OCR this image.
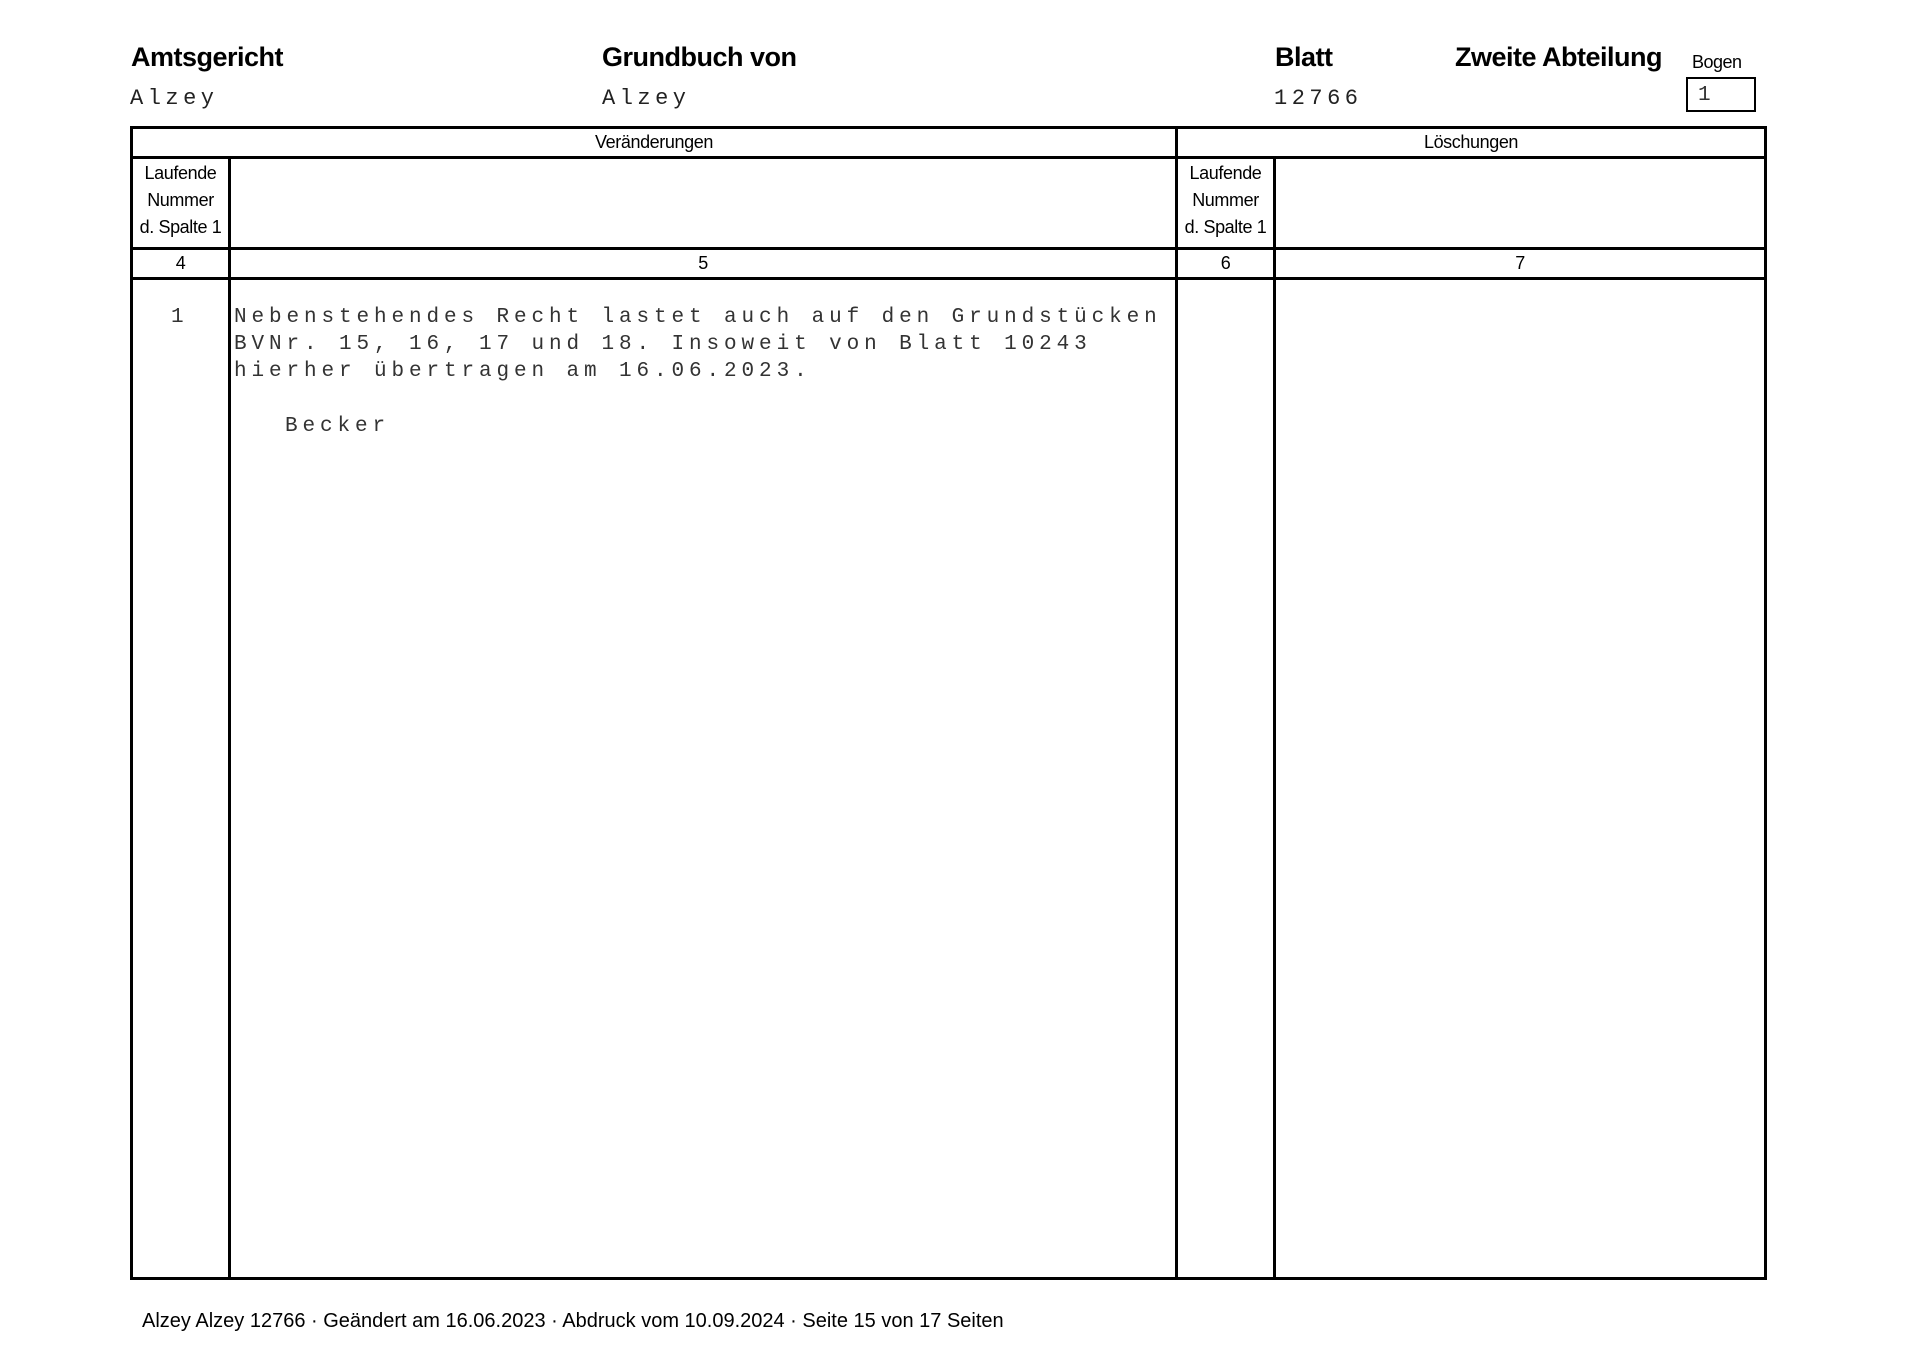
Amtsgericht
Alzey
Grundbuch von
Alzey
Blatt
12766
Zweite Abteilung Bogen
1
Veränderungen	Löschungen
Laufende
Nummer
d. Spalte 1
Laufende
Nummer
d. Spalte 1
4	5	6	7
1 Nebenstehendes Recht lastet auch auf den Grundstücken
BVNr. 15, 16, 17 und 18. Insoweit von Blatt 10243
hierher übertragen am 16.06.2023.
Becker
Alzey Alzey 12766 · Geändert am 16.06.2023 · Abdruck vom 10.09.2024 · Seite 15 von 17 Seiten
